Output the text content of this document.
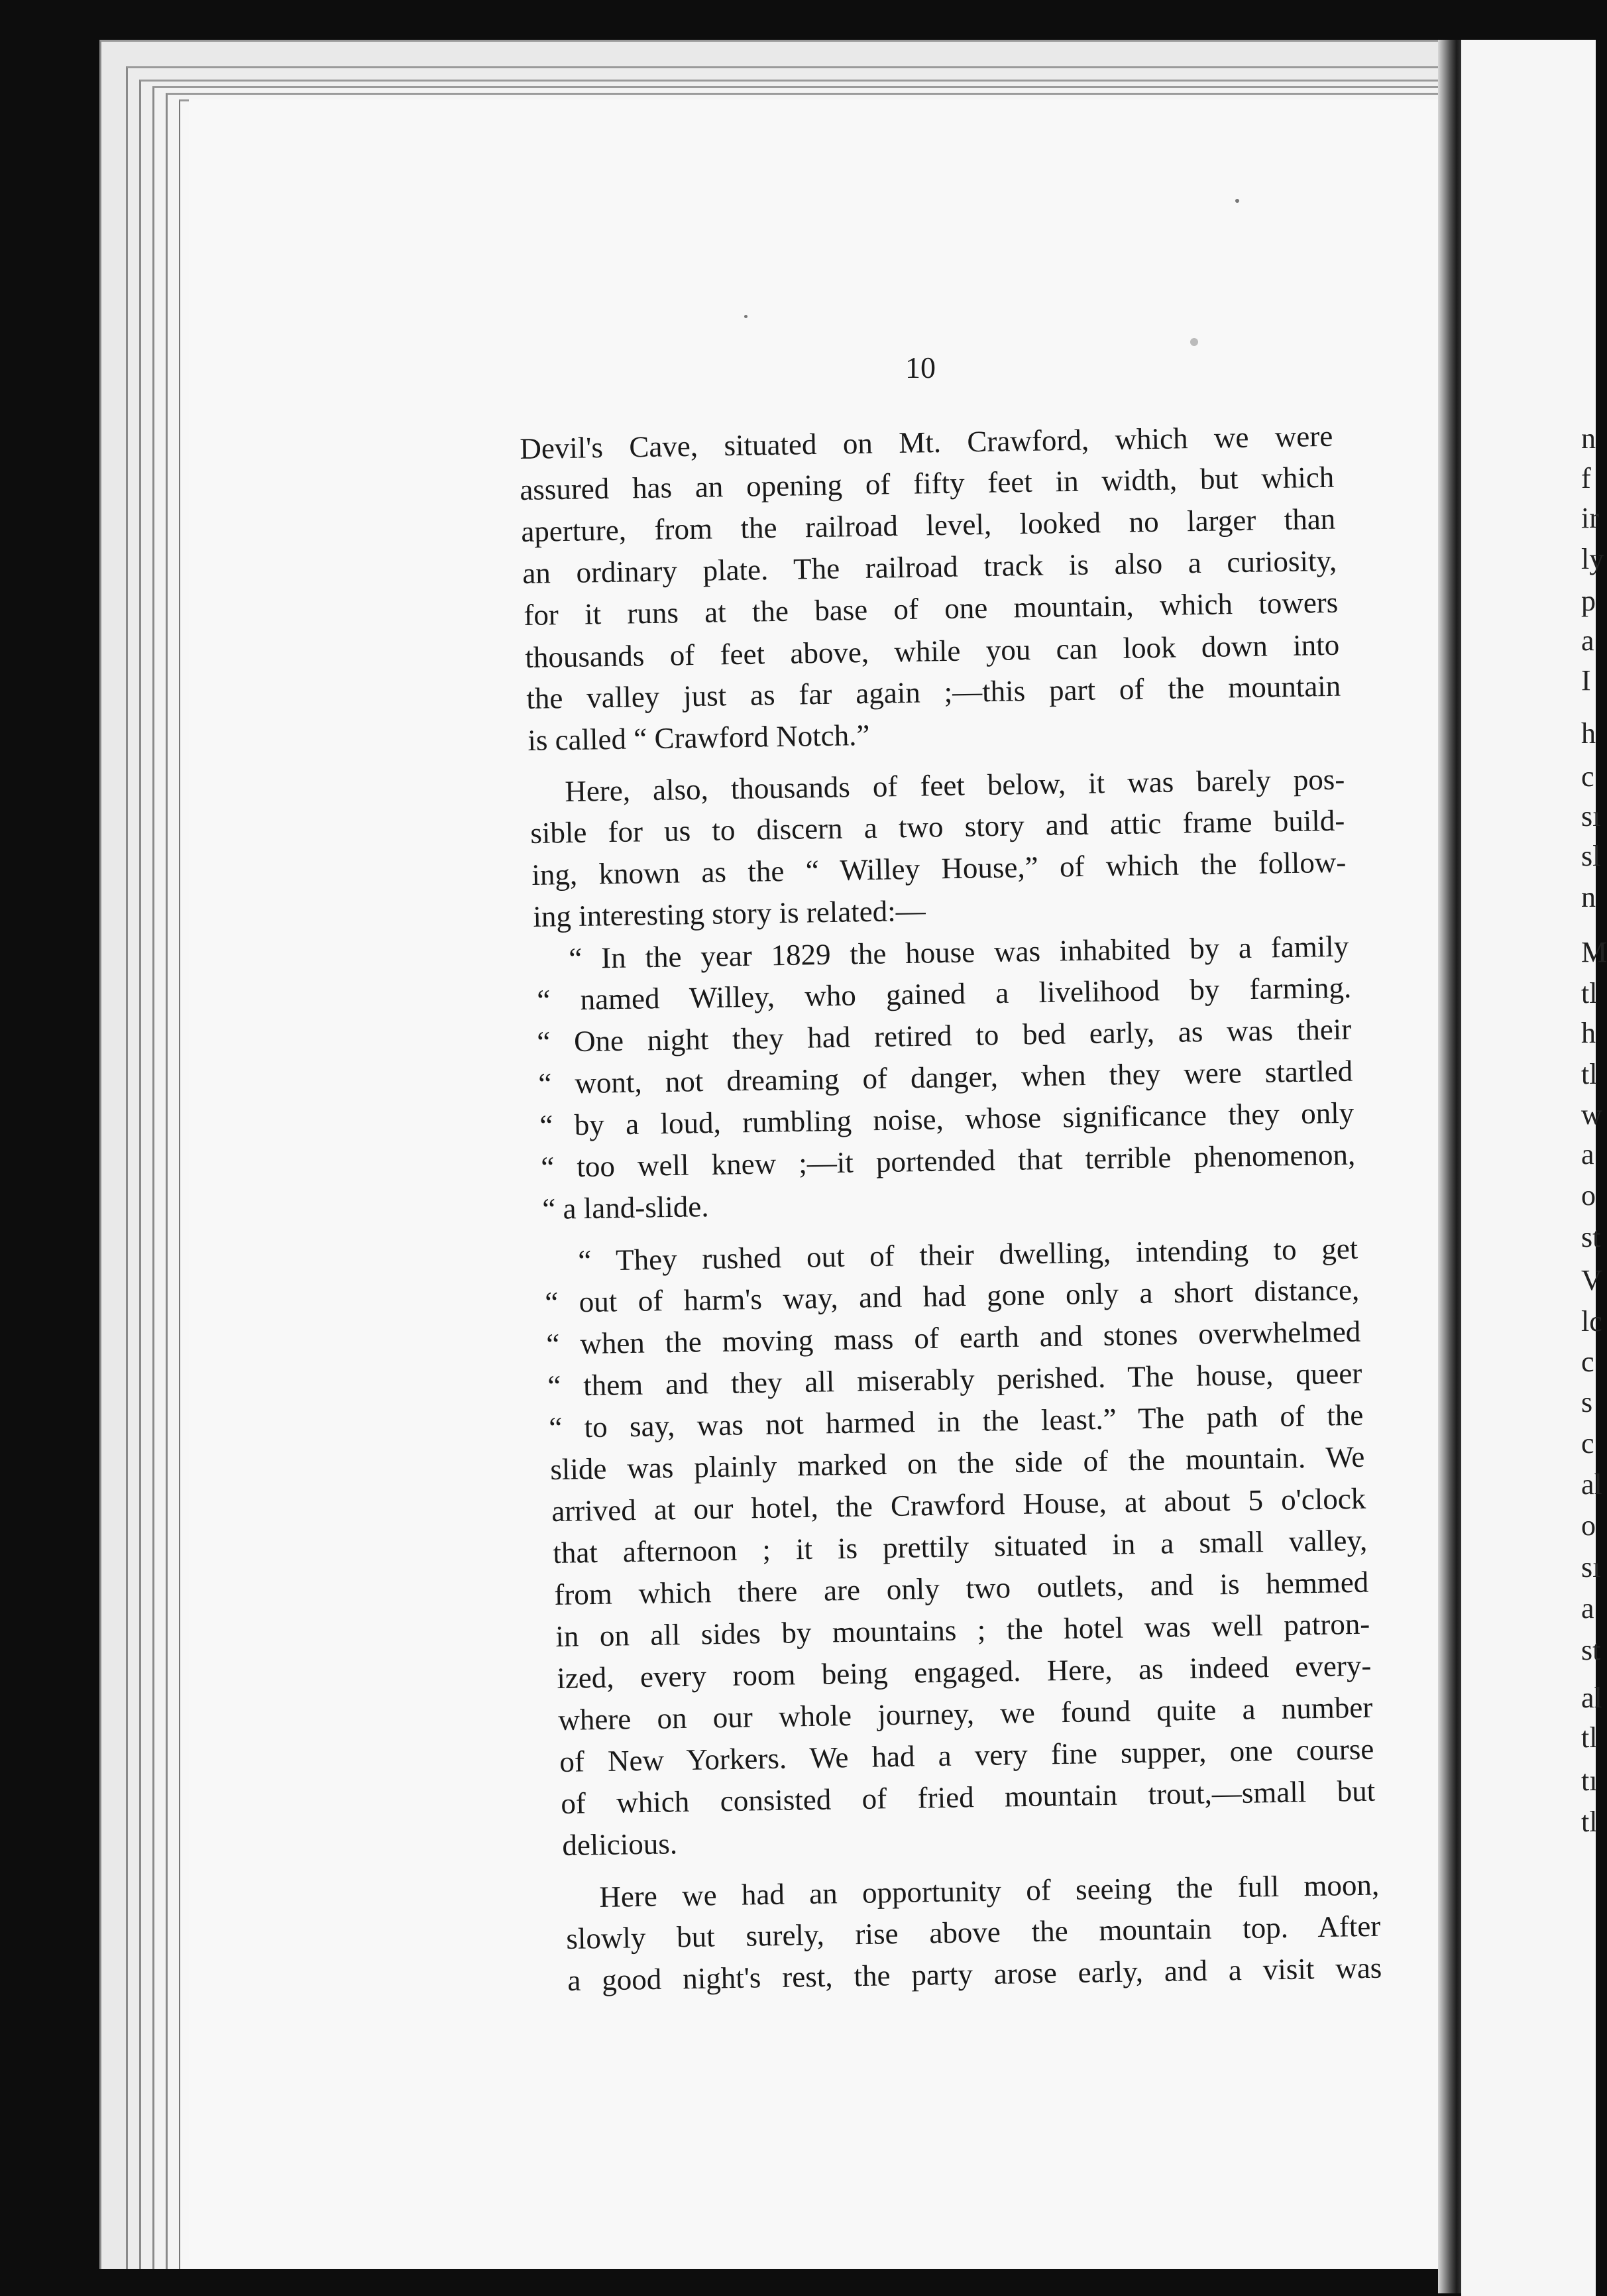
10
Devil's Cave, situated on Mt. Crawford, which we were
assured has an opening of fifty feet in width, but which
aperture, from the railroad level, looked no larger than
an ordinary plate. The railroad track is also a curiosity,
for it runs at the base of one mountain, which towers
thousands of feet above, while you can look down into
the valley just as far again ;—this part of the mountain
is called “ Crawford Notch.”
Here, also, thousands of feet below, it was barely pos-
sible for us to discern a two story and attic frame build-
ing, known as the “ Willey House,” of which the follow-
ing interesting story is related:—
“ In the year 1829 the house was inhabited by a family
“ named Willey, who gained a livelihood by farming.
“ One night they had retired to bed early, as was their
“ wont, not dreaming of danger, when they were startled
“ by a loud, rumbling noise, whose significance they only
“ too well knew ;—it portended that terrible phenomenon,
“ a land-slide.
“ They rushed out of their dwelling, intending to get
“ out of harm's way, and had gone only a short distance,
“ when the moving mass of earth and stones overwhelmed
“ them and they all miserably perished. The house, queer
“ to say, was not harmed in the least.” The path of the
slide was plainly marked on the side of the mountain. We
arrived at our hotel, the Crawford House, at about 5 o'clock
that afternoon ; it is prettily situated in a small valley,
from which there are only two outlets, and is hemmed
in on all sides by mountains ; the hotel was well patron-
ized, every room being engaged. Here, as indeed every-
where on our whole journey, we found quite a number
of New Yorkers. We had a very fine supper, one course
of which consisted of fried mountain trout,—small but
delicious.
Here we had an opportunity of seeing the full moon,
slowly but surely, rise above the mountain top. After
a good night's rest, the party arose early, and a visit was
n
f
ir
ly
p
a
I
h
c
sı
sl
n
M
tl
h
tl
w
a
o
st
V
lc
c
s
c
al
o
sı
a
st
al
tl
tı
tl
